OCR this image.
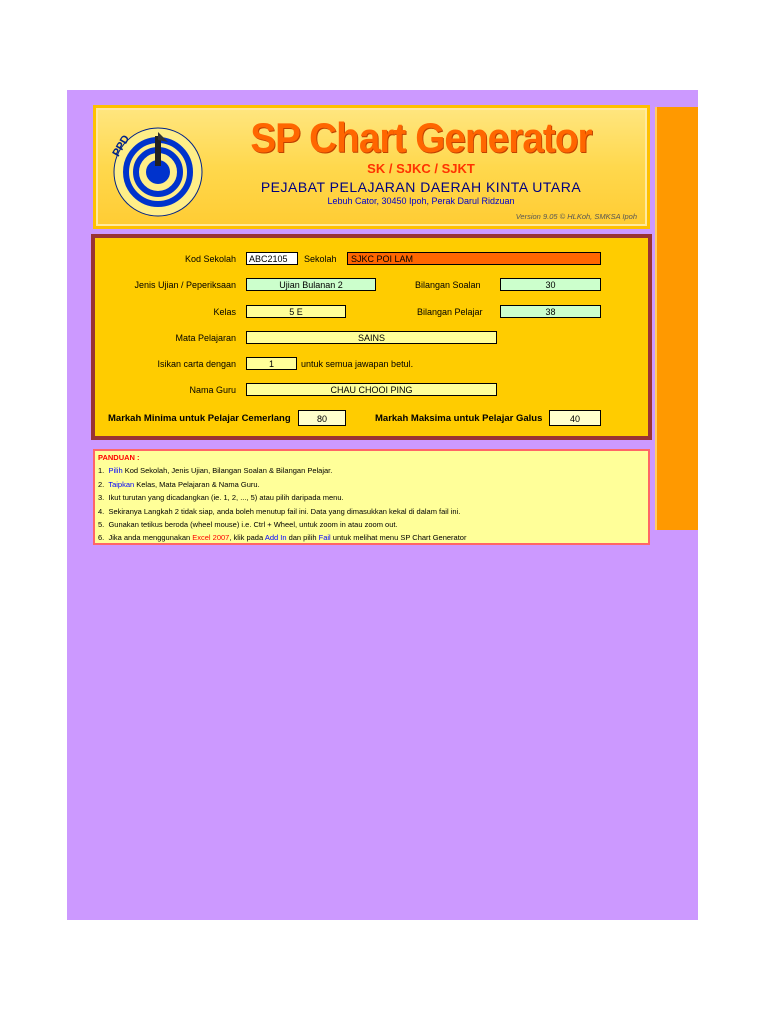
PPD	SP Chart Generator
SK / SJKC / SJKT
PEJABAT PELAJARAN DAERAH KINTA UTARA
Lebuh Cator, 30450 Ipoh, Perak Darul Ridzuan
Version 9.05 © HLKoh, SMKSA Ipoh
Kod Sekolah	ABC2105	Sekolah	SJKC POI LAM
Jenis Ujian / Peperiksaan	Ujian Bulanan 2	Bilangan Soalan	30
Kelas	5 E	Bilangan Pelajar	38
Mata Pelajaran	SAINS
Isikan carta dengan	1	untuk semua jawapan betul.
Nama Guru	CHAU CHOOI PING
Markah Minima untuk Pelajar Cemerlang	80	Markah Maksima untuk Pelajar Galus	40
PANDUAN :
1. Pilih Kod Sekolah, Jenis Ujian, Bilangan Soalan & Bilangan Pelajar.
2. Taipkan Kelas, Mata Pelajaran & Nama Guru.
3. Ikut turutan yang dicadangkan (ie. 1, 2, ..., 5) atau pilih daripada menu.
4. Sekiranya Langkah 2 tidak siap, anda boleh menutup fail ini. Data yang dimasukkan kekal di dalam fail ini.
5. Gunakan tetikus beroda (wheel mouse) i.e. Ctrl + Wheel, untuk zoom in atau zoom out.
6. Jika anda menggunakan Excel 2007, klik pada Add In dan pilih Fail untuk melihat menu SP Chart Generator
